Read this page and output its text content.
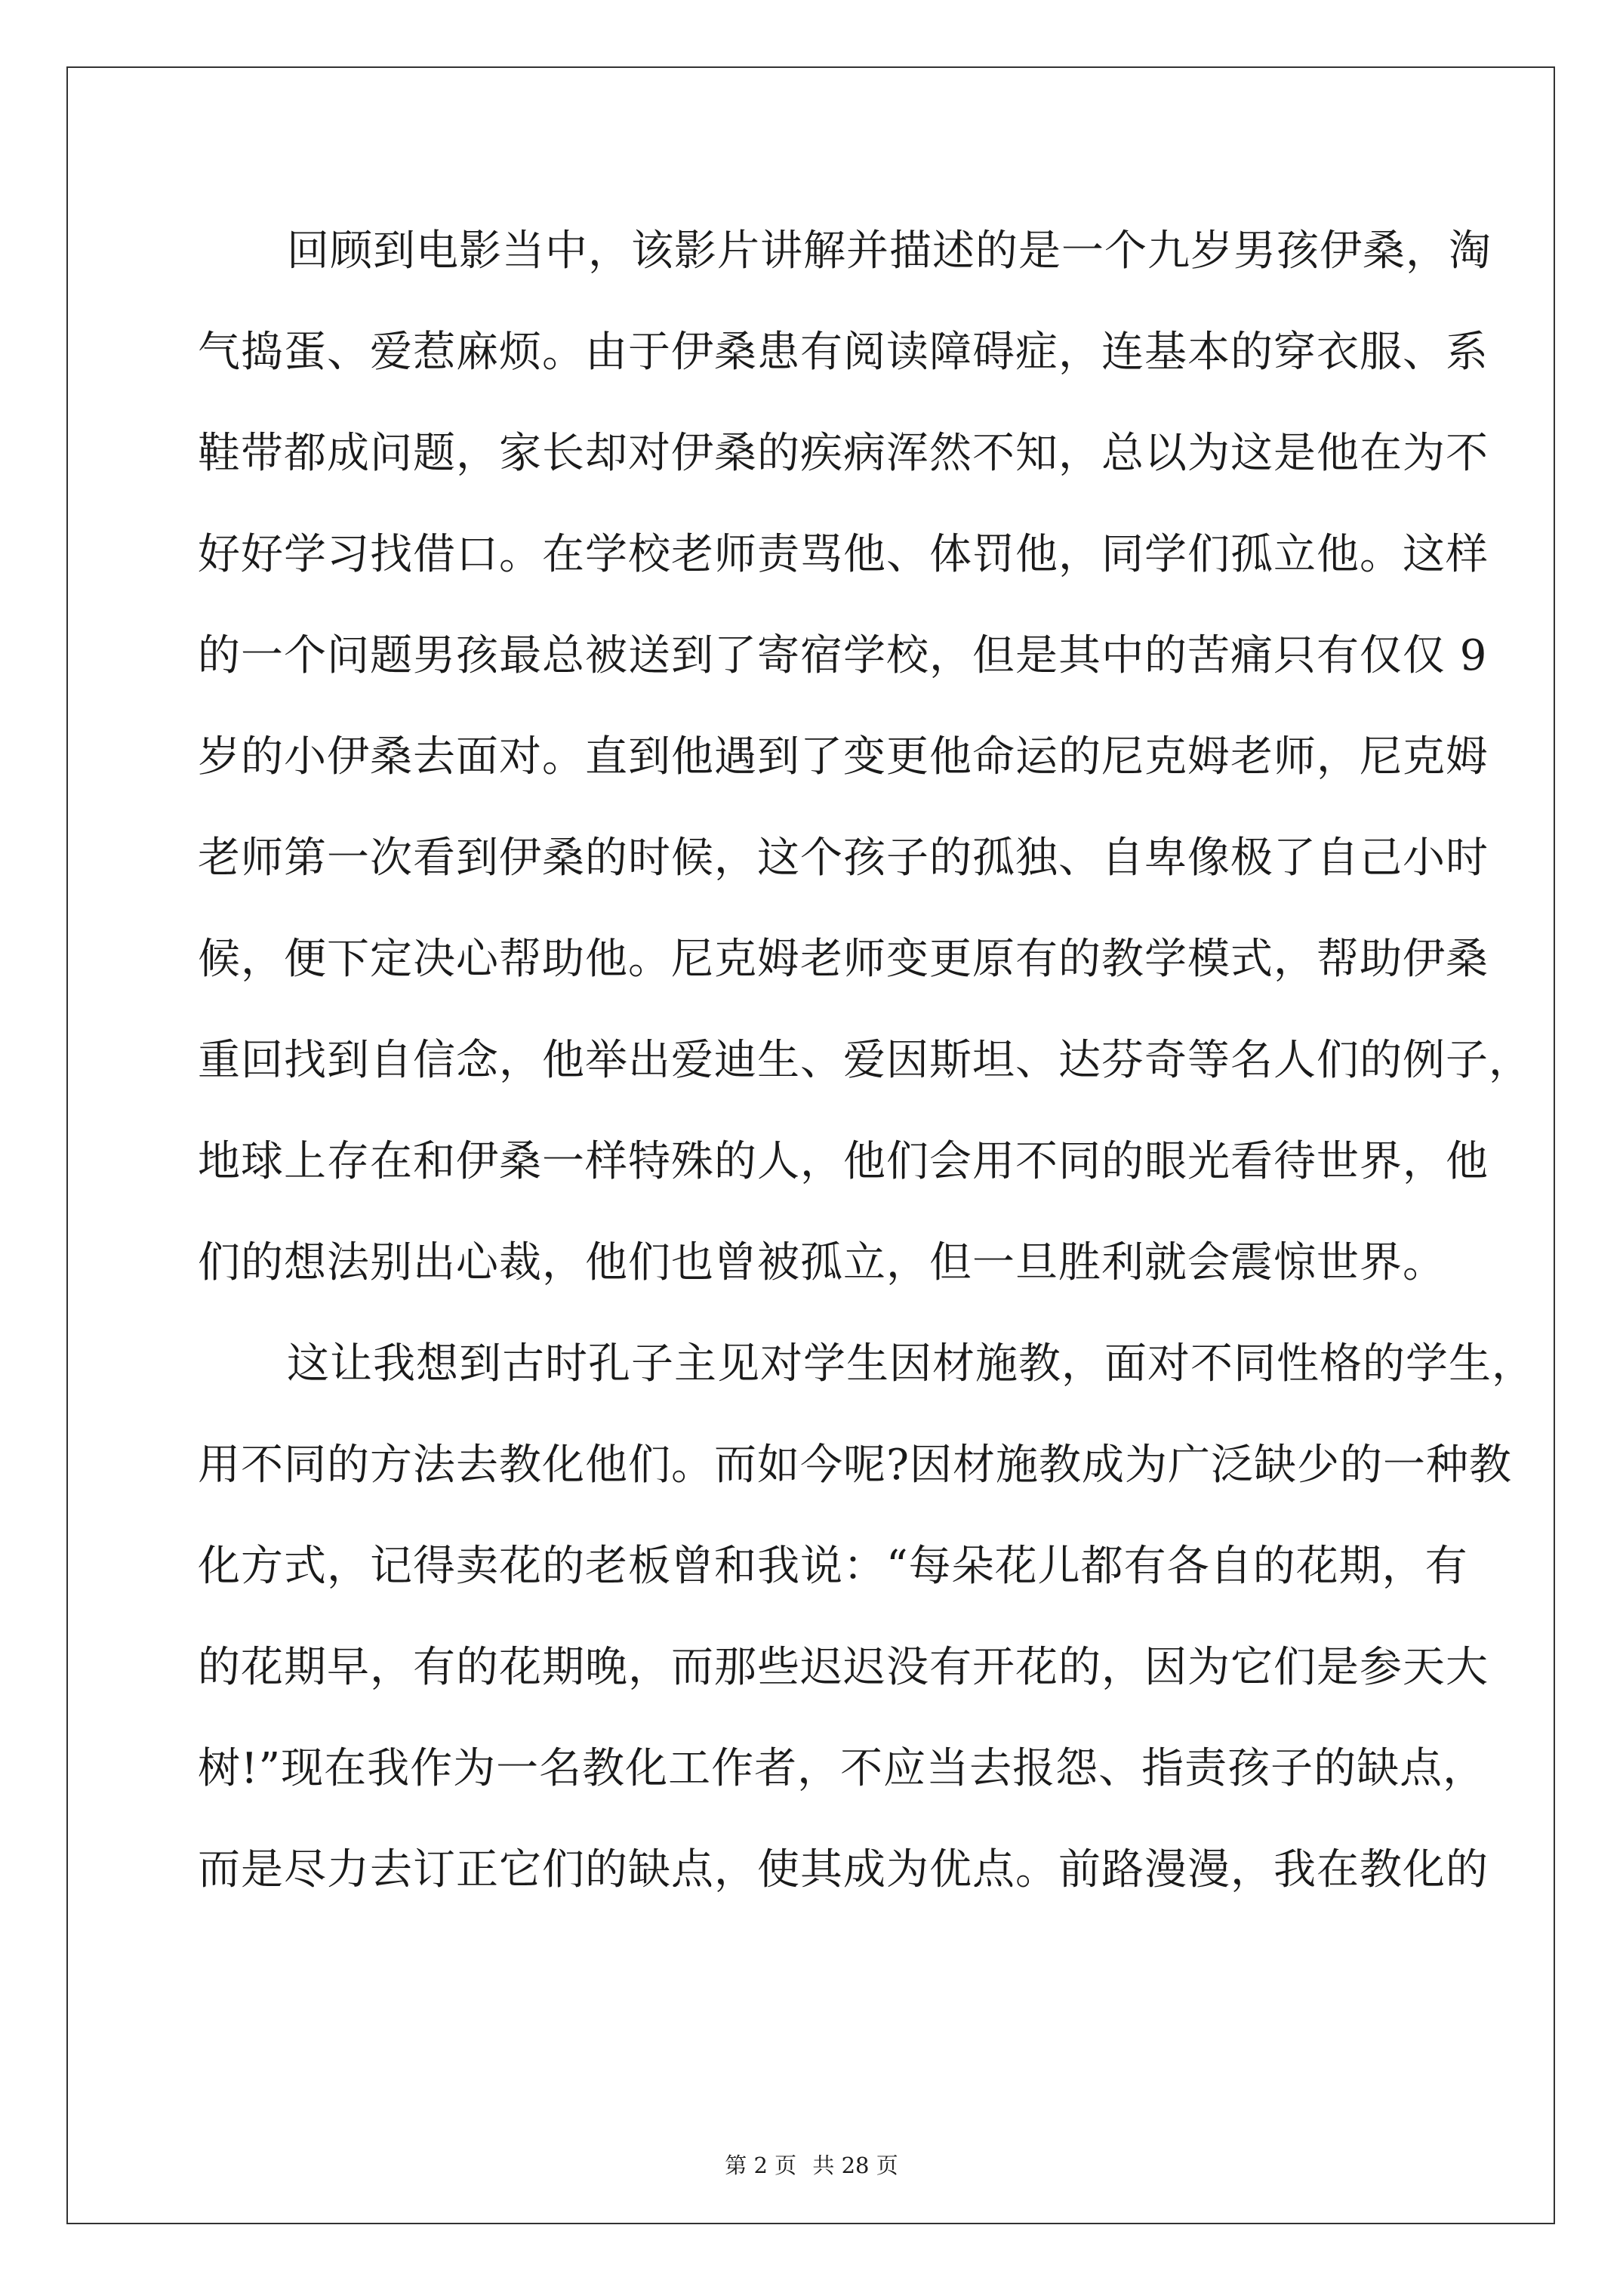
回顾到电影当中，该影片讲解并描述的是一个九岁男孩伊桑，淘
气捣蛋、爱惹麻烦。由于伊桑患有阅读障碍症，连基本的穿衣服、系
鞋带都成问题，家长却对伊桑的疾病浑然不知，总以为这是他在为不
好好学习找借口。在学校老师责骂他、体罚他，同学们孤立他。这样
的一个问题男孩最总被送到了寄宿学校，但是其中的苦痛只有仅仅 9
岁的小伊桑去面对。直到他遇到了变更他命运的尼克姆老师，尼克姆
老师第一次看到伊桑的时候，这个孩子的孤独、自卑像极了自己小时
候，便下定决心帮助他。尼克姆老师变更原有的教学模式，帮助伊桑
重回找到自信念，他举出爱迪生、爱因斯坦、达芬奇等名人们的例子，
地球上存在和伊桑一样特殊的人，他们会用不同的眼光看待世界，他
们的想法别出心裁，他们也曾被孤立，但一旦胜利就会震惊世界。
这让我想到古时孔子主见对学生因材施教，面对不同性格的学生，
用不同的方法去教化他们。而如今呢?因材施教成为广泛缺少的一种教
化方式，记得卖花的老板曾和我说：“每朵花儿都有各自的花期，有
的花期早，有的花期晚，而那些迟迟没有开花的，因为它们是参天大
树!”现在我作为一名教化工作者，不应当去报怨、指责孩子的缺点，
而是尽力去订正它们的缺点，使其成为优点。前路漫漫，我在教化的
第 2 页 共 28 页
